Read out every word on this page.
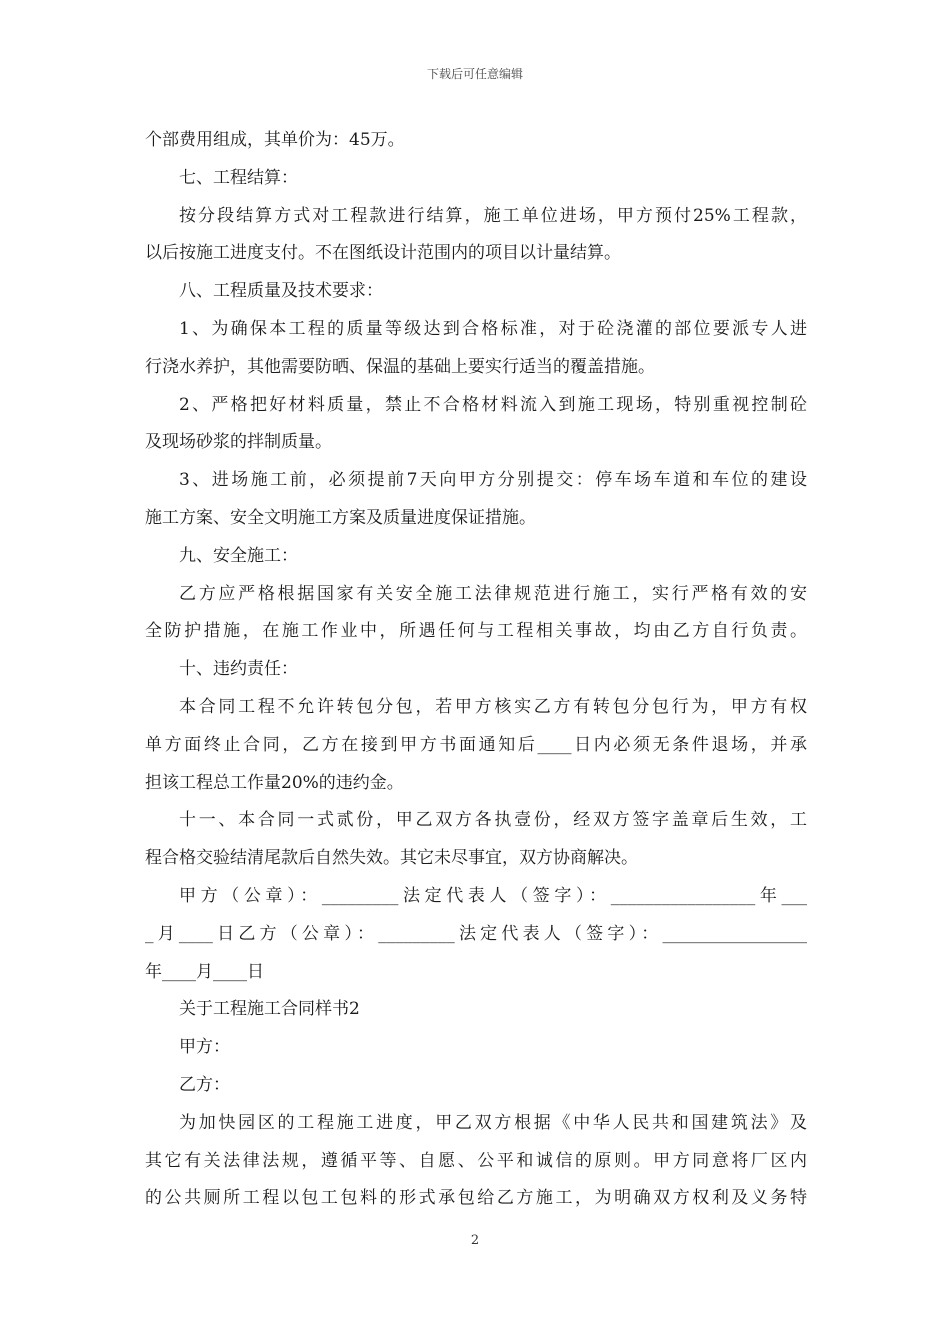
下载后可任意编辑
个部费用组成，其单价为：45万。
七、工程结算：
按分段结算方式对工程款进行结算，施工单位进场，甲方预付25%工程款，
以后按施工进度支付。不在图纸设计范围内的项目以计量结算。
八、工程质量及技术要求：
1、为确保本工程的质量等级达到合格标准，对于砼浇灌的部位要派专人进
行浇水养护，其他需要防晒、保温的基础上要实行适当的覆盖措施。
2、严格把好材料质量，禁止不合格材料流入到施工现场，特别重视控制砼
及现场砂浆的拌制质量。
3、进场施工前，必须提前7天向甲方分别提交：停车场车道和车位的建设
施工方案、安全文明施工方案及质量进度保证措施。
九、安全施工：
乙方应严格根据国家有关安全施工法律规范进行施工，实行严格有效的安
全防护措施，在施工作业中，所遇任何与工程相关事故，均由乙方自行负责。
十、违约责任：
本合同工程不允许转包分包，若甲方核实乙方有转包分包行为，甲方有权
单方面终止合同，乙方在接到甲方书面通知后____日内必须无条件退场，并承
担该工程总工作量20%的违约金。
十一、本合同一式贰份，甲乙双方各执壹份，经双方签字盖章后生效，工
程合格交验结清尾款后自然失效。其它未尽事宜，双方协商解决。
甲方（公章）：_________法定代表人（签字）：_________________年___
_月____日乙方（公章）：_________法定代表人（签字）：_________________
年____月____日
关于工程施工合同样书2
甲方：
乙方：
为加快园区的工程施工进度，甲乙双方根据《中华人民共和国建筑法》及
其它有关法律法规，遵循平等、自愿、公平和诚信的原则。甲方同意将厂区内
的公共厕所工程以包工包料的形式承包给乙方施工，为明确双方权利及义务特
2
